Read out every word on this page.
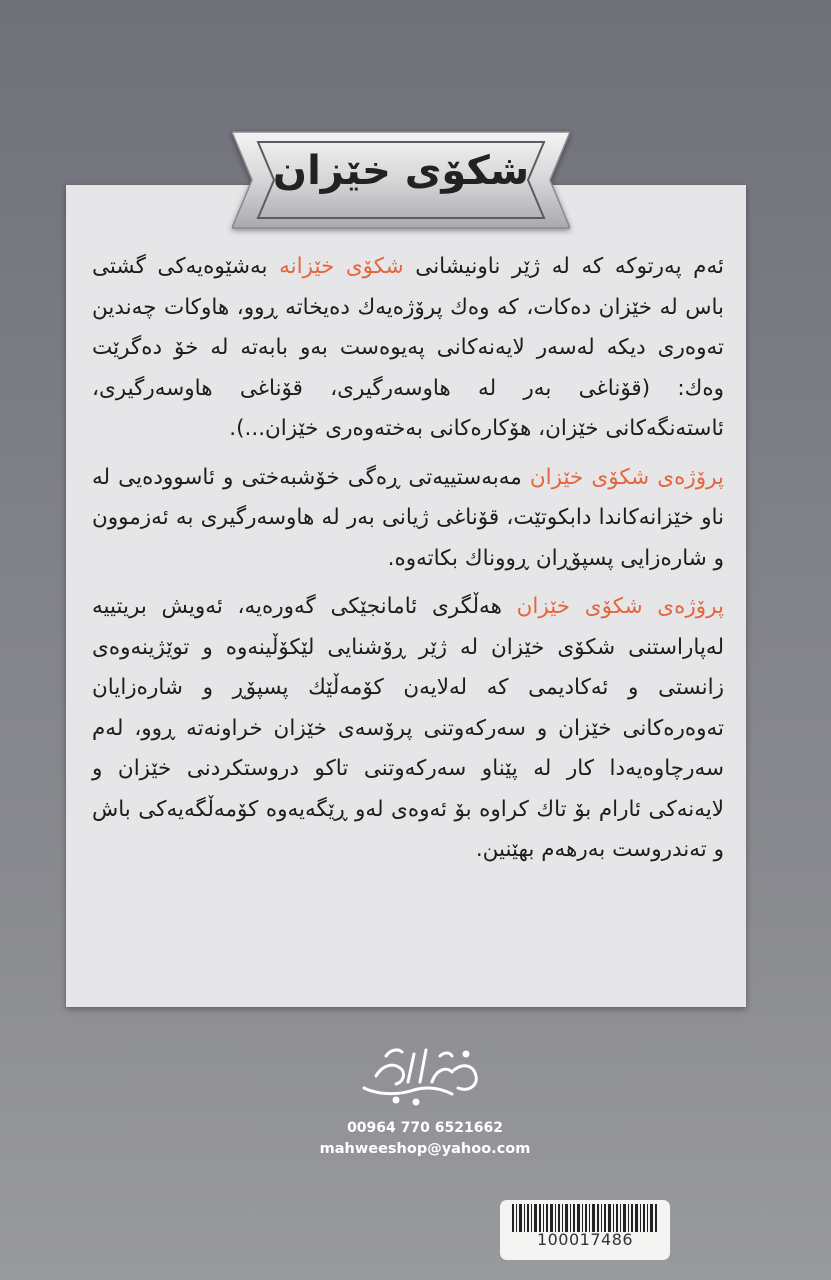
شکۆی خێزان

ئەم پەرتوکە کە لە ژێر ناونیشانی شکۆی خێزانە بەشێوەیەکی گشتی باس لە خێزان دەکات، کە وەك پرۆژەیەك دەیخاتە ڕوو، هاوکات چەندین تەوەری دیکە لەسەر لایەنەکانی پەیوەست بەو بابەتە لە خۆ دەگرێت وەك: (قۆناغی بەر لە هاوسەرگیری، قۆناغی هاوسەرگیری، ئاستەنگەکانی خێزان، هۆکارەکانی بەختەوەری خێزان...).

پرۆژەی شکۆی خێزان مەبەستییەتی ڕەگی خۆشبەختی و ئاسوودەیی لە ناو خێزانەکاندا دابکوتێت، قۆناغی ژیانی بەر لە هاوسەرگیری بە ئەزموون و شارەزایی پسپۆڕان ڕووناك بکاتەوە.

پرۆژەی شکۆی خێزان هەڵگری ئامانجێکی گەورەیە، ئەویش بریتییە لەپاراستنی شکۆی خێزان لە ژێر ڕۆشنایی لێکۆڵینەوە و توێژینەوەی زانستی و ئەکادیمی کە لەلایەن کۆمەڵێك پسپۆڕ و شارەزایان تەوەرەکانی خێزان و سەرکەوتنی پرۆسەی خێزان خراونەتە ڕوو، لەم سەرچاوەیەدا کار لە پێناو سەرکەوتنی تاکو دروستکردنی خێزان و لایەنەکی ئارام بۆ تاك کراوە بۆ ئەوەی لەو ڕێگەیەوە کۆمەڵگەیەکی باش و تەندروست بەرهەم بهێنین.

00964 770 6521662
mahweeshop@yahoo.com
100017486
